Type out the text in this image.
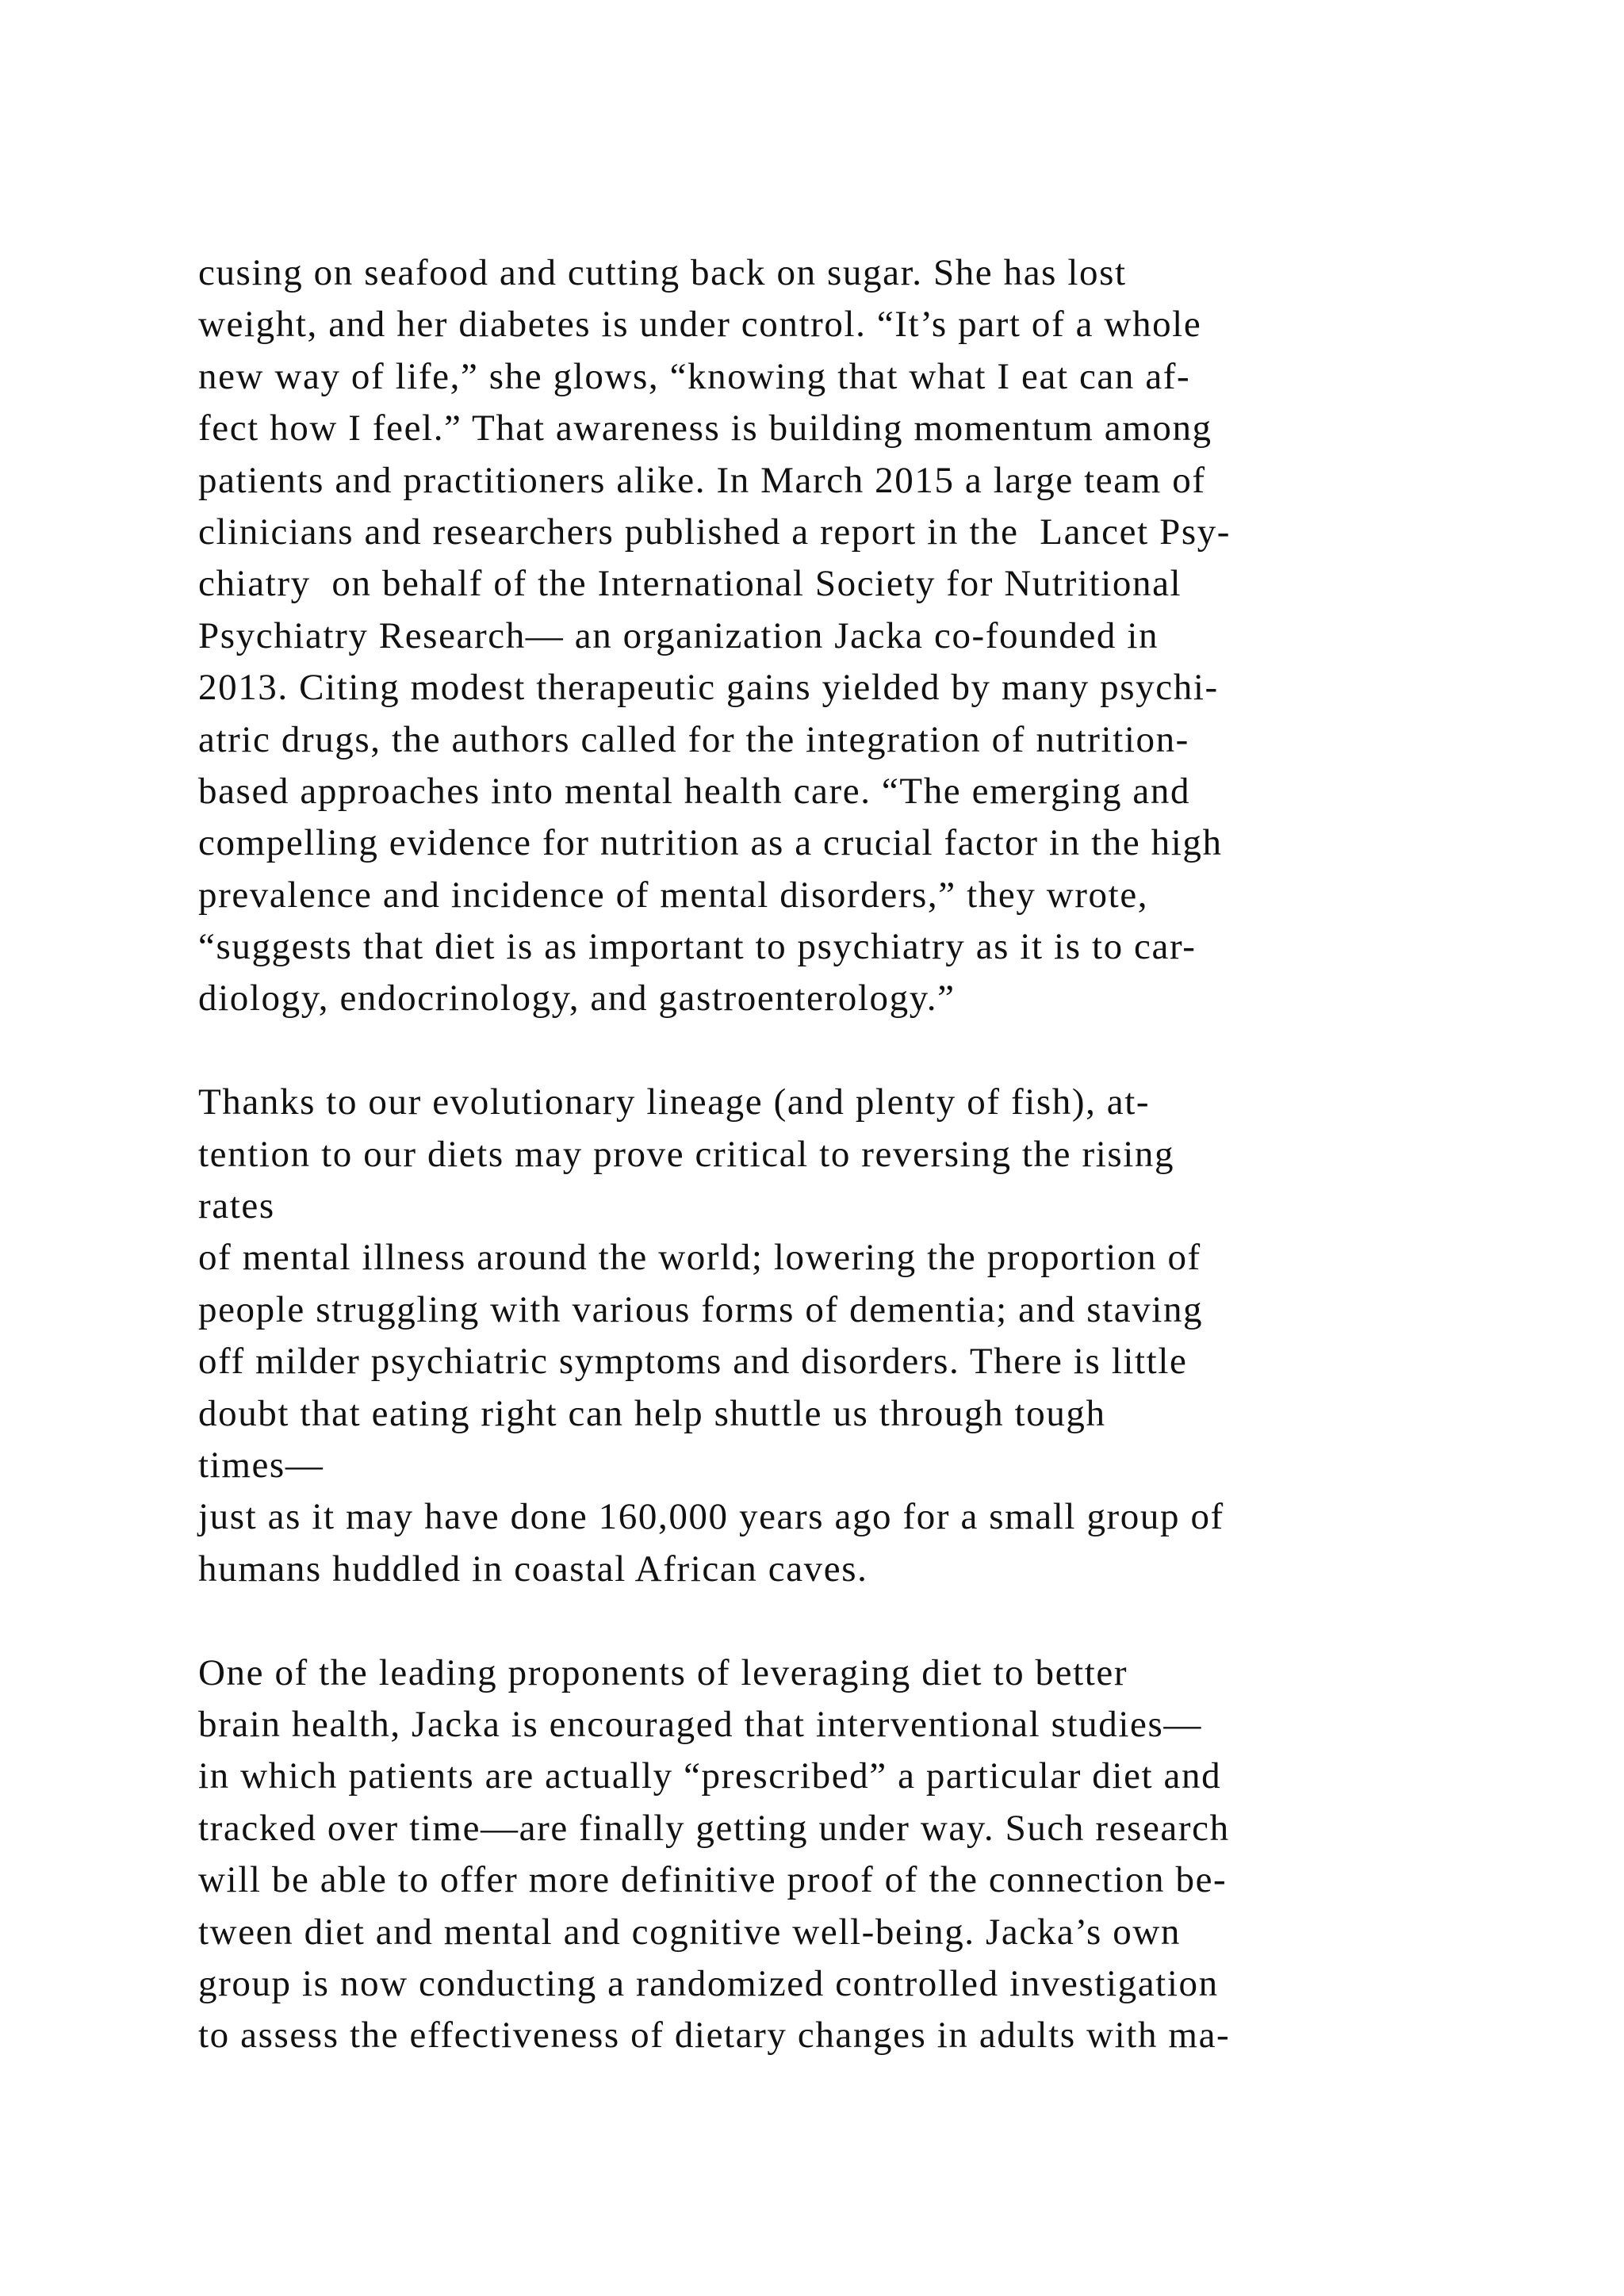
cusing on seafood and cutting back on sugar. She has lost
weight, and her diabetes is under control. “It’s part of a whole
new way of life,” she glows, “knowing that what I eat can af-
fect how I feel.” That awareness is building momentum among
patients and practitioners alike. In March 2015 a large team of
clinicians and researchers published a report in the  Lancet Psy-
chiatry  on behalf of the International Society for Nutritional
Psychiatry Research— an organization Jacka co-founded in
2013. Citing modest therapeutic gains yielded by many psychi-
atric drugs, the authors called for the integration of nutrition-
based approaches into mental health care. “The emerging and
compelling evidence for nutrition as a crucial factor in the high
prevalence and incidence of mental disorders,” they wrote,
“suggests that diet is as important to psychiatry as it is to car-
diology, endocrinology, and gastroenterology.”
Thanks to our evolutionary lineage (and plenty of fish), at-
tention to our diets may prove critical to reversing the rising
rates
of mental illness around the world; lowering the proportion of
people struggling with various forms of dementia; and staving
off milder psychiatric symptoms and disorders. There is little
doubt that eating right can help shuttle us through tough
times—
just as it may have done 160,000 years ago for a small group of
humans huddled in coastal African caves.
One of the leading proponents of leveraging diet to better
brain health, Jacka is encouraged that interventional studies—
in which patients are actually “prescribed” a particular diet and
tracked over time—are finally getting under way. Such research
will be able to offer more definitive proof of the connection be-
tween diet and mental and cognitive well-being. Jacka’s own
group is now conducting a randomized controlled investigation
to assess the effectiveness of dietary changes in adults with ma-
